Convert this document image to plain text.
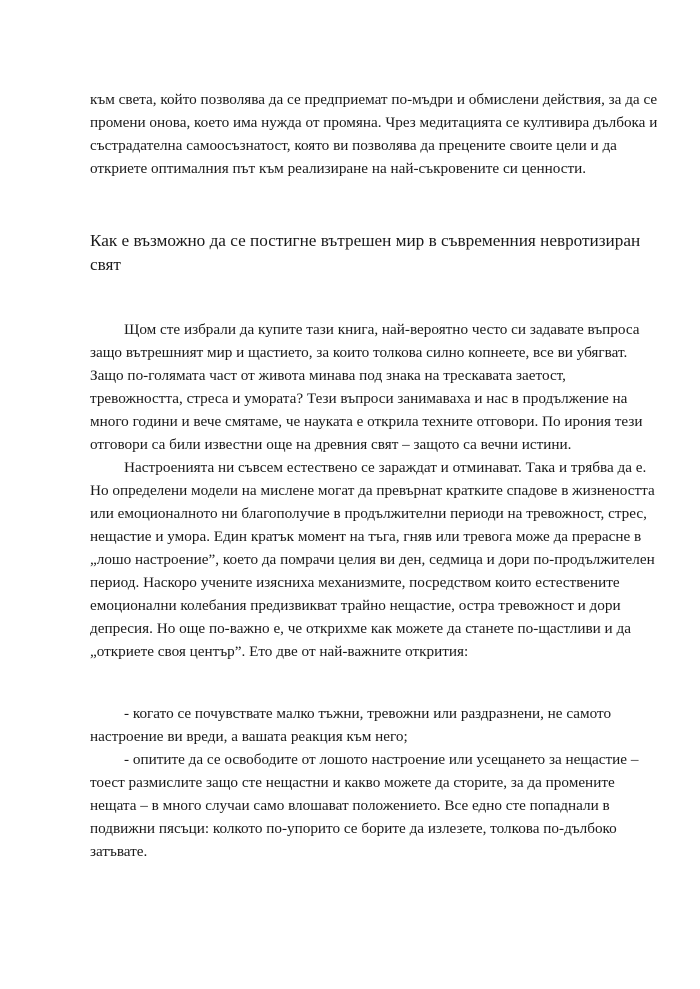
към света, който позволява да се предприемат по-мъдри и обмислени действия, за да се
промени онова, което има нужда от промяна. Чрез медитацията се култивира дълбока и
състрадателна самоосъзнатост, която ви позволява да прецените своите цели и да
откриете оптималния път към реализиране на най-съкровените си ценности.
Как е възможно да се постигне вътрешен мир в съвременния невротизиран
свят
Щом сте избрали да купите тази книга, най-вероятно често си задавате въпроса
защо вътрешният мир и щастието, за които толкова силно копнеете, все ви убягват.
Защо по-голямата част от живота минава под знака на трескавата заетост,
тревожността, стреса и умората? Тези въпроси занимаваха и нас в продължение на
много години и вече смятаме, че науката е открила техните отговори. По ирония тези
отговори са били известни още на древния свят – защото са вечни истини.
Настроенията ни съвсем естествено се зараждат и отминават. Така и трябва да е.
Но определени модели на мислене могат да превърнат кратките спадове в жизнеността
или емоционалното ни благополучие в продължителни периоди на тревожност, стрес,
нещастие и умора. Един кратък момент на тъга, гняв или тревога може да прерасне в
„лошо настроение”, което да помрачи целия ви ден, седмица и дори по-продължителен
период. Наскоро учените изясниха механизмите, посредством които естествените
емоционални колебания предизвикват трайно нещастие, остра тревожност и дори
депресия. Но още по-важно е, че открихме как можете да станете по-щастливи и да
„откриете своя център”. Ето две от най-важните открития:
- когато се почувствате малко тъжни, тревожни или раздразнени, не самото
настроение ви вреди, а вашата реакция към него;
- опитите да се освободите от лошото настроение или усещането за нещастие –
тоест размислите защо сте нещастни и какво можете да сторите, за да промените
нещата – в много случаи само влошават положението. Все едно сте попаднали в
подвижни пясъци: колкото по-упорито се борите да излезете, толкова по-дълбоко
затъвате.
